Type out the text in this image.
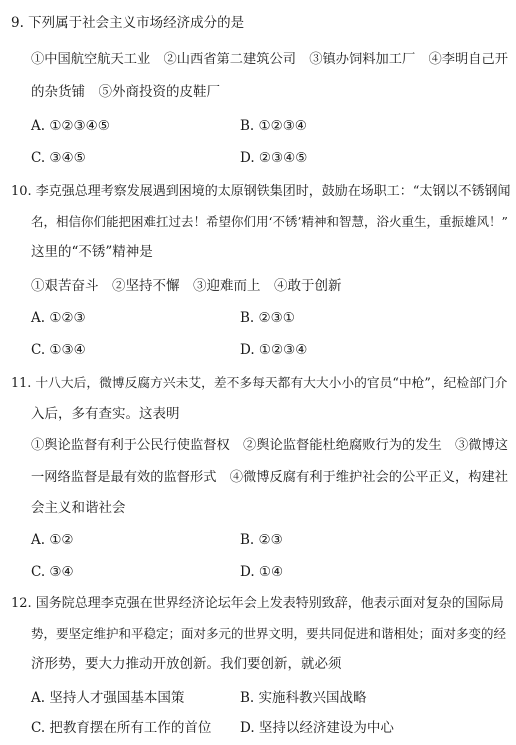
9. 下列属于社会主义市场经济成分的是
①中国航空航天工业　②山西省第二建筑公司　③镇办饲料加工厂　④李明自己开
的杂货铺　⑤外商投资的皮鞋厂
A. ①②③④⑤	B. ①②③④
C. ③④⑤	D. ②③④⑤
10. 李克强总理考察发展遇到困境的太原钢铁集团时，鼓励在场职工：“太钢以不锈钢闻
名，相信你们能把困难扛过去！希望你们用‘不锈’精神和智慧，浴火重生，重振雄风！”
这里的“不锈”精神是
①艰苦奋斗　②坚持不懈　③迎难而上　④敢于创新
A. ①②③	B. ②③①
C. ①③④	D. ①②③④
11. 十八大后，微博反腐方兴未艾，差不多每天都有大大小小的官员“中枪”，纪检部门介
入后，多有查实。这表明
①舆论监督有利于公民行使监督权　②舆论监督能杜绝腐败行为的发生　③微博这
一网络监督是最有效的监督形式　④微博反腐有利于维护社会的公平正义，构建社
会主义和谐社会
A. ①②	B. ②③
C. ③④	D. ①④
12. 国务院总理李克强在世界经济论坛年会上发表特别致辞，他表示面对复杂的国际局
势，要坚定维护和平稳定；面对多元的世界文明，要共同促进和谐相处；面对多变的经
济形势，要大力推动开放创新。我们要创新，就必须
A. 坚持人才强国基本国策	B. 实施科教兴国战略
C. 把教育摆在所有工作的首位 D. 坚持以经济建设为中心
